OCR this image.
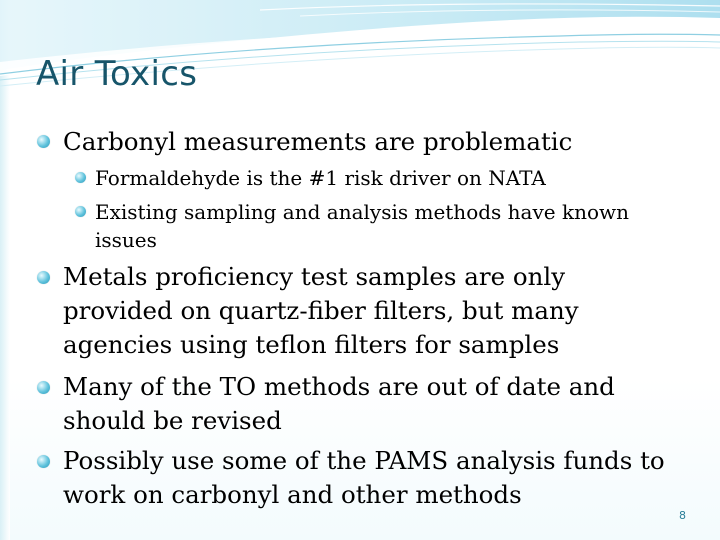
Air Toxics
Carbonyl measurements are problematic
Formaldehyde is the #1 risk driver on NATA
Existing sampling and analysis methods have known issues
Metals proficiency test samples are only provided on quartz-fiber filters, but many agencies using teflon filters for samples
Many of the TO methods are out of date and should be revised
Possibly use some of the PAMS analysis funds to work on carbonyl and other methods
8
